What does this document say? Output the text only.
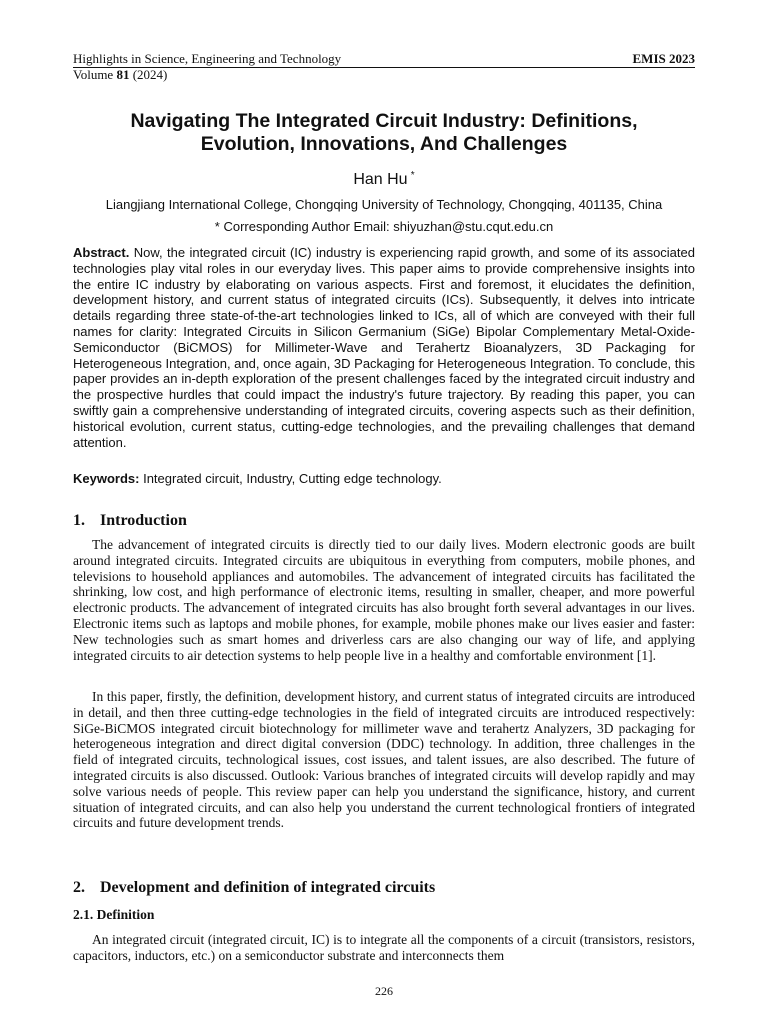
Highlights in Science, Engineering and Technology	EMIS 2023
Volume 81 (2024)
Navigating The Integrated Circuit Industry: Definitions,
Evolution, Innovations, And Challenges
Han Hu  *
Liangjiang International College, Chongqing University of Technology, Chongqing, 401135, China
* Corresponding Author Email: shiyuzhan@stu.cqut.edu.cn

Abstract. Now, the integrated circuit (IC) industry is experiencing rapid growth, and some of its associated technologies play vital roles in our everyday lives. This paper aims to provide comprehensive insights into the entire IC industry by elaborating on various aspects. First and foremost, it elucidates the definition, development history, and current status of integrated circuits (ICs). Subsequently, it delves into intricate details regarding three state-of-the-art technologies linked to ICs, all of which are conveyed with their full names for clarity: Integrated Circuits in Silicon Germanium (SiGe) Bipolar Complementary Metal-Oxide-Semiconductor (BiCMOS) for Millimeter-Wave and Terahertz Bioanalyzers, 3D Packaging for Heterogeneous Integration, and, once again, 3D Packaging for Heterogeneous Integration. To conclude, this paper provides an in-depth exploration of the present challenges faced by the integrated circuit industry and the prospective hurdles that could impact the industry's future trajectory. By reading this paper, you can swiftly gain a comprehensive understanding of integrated circuits, covering aspects such as their definition, historical evolution, current status, cutting-edge technologies, and the prevailing challenges that demand attention.

Keywords: Integrated circuit, Industry, Cutting edge technology.

1. Introduction

The advancement of integrated circuits is directly tied to our daily lives. Modern electronic goods are built around integrated circuits. Integrated circuits are ubiquitous in everything from computers, mobile phones, and televisions to household appliances and automobiles. The advancement of integrated circuits has facilitated the shrinking, low cost, and high performance of electronic items, resulting in smaller, cheaper, and more powerful electronic products. The advancement of integrated circuits has also brought forth several advantages in our lives. Electronic items such as laptops and mobile phones, for example, mobile phones make our lives easier and faster: New technologies such as smart homes and driverless cars are also changing our way of life, and applying integrated circuits to air detection systems to help people live in a healthy and comfortable environment [1].

In this paper, firstly, the definition, development history, and current status of integrated circuits are introduced in detail, and then three cutting-edge technologies in the field of integrated circuits are introduced respectively: SiGe-BiCMOS integrated circuit biotechnology for millimeter wave and terahertz Analyzers, 3D packaging for heterogeneous integration and direct digital conversion (DDC) technology. In addition, three challenges in the field of integrated circuits, technological issues, cost issues, and talent issues, are also described. The future of integrated circuits is also discussed. Outlook: Various branches of integrated circuits will develop rapidly and may solve various needs of people. This review paper can help you understand the significance, history, and current situation of integrated circuits, and can also help you understand the current technological frontiers of integrated circuits and future development trends.

2. Development and definition of integrated circuits
2.1. Definition

An integrated circuit (integrated circuit, IC) is to integrate all the components of a circuit (transistors, resistors, capacitors, inductors, etc.) on a semiconductor substrate and interconnects them

226
